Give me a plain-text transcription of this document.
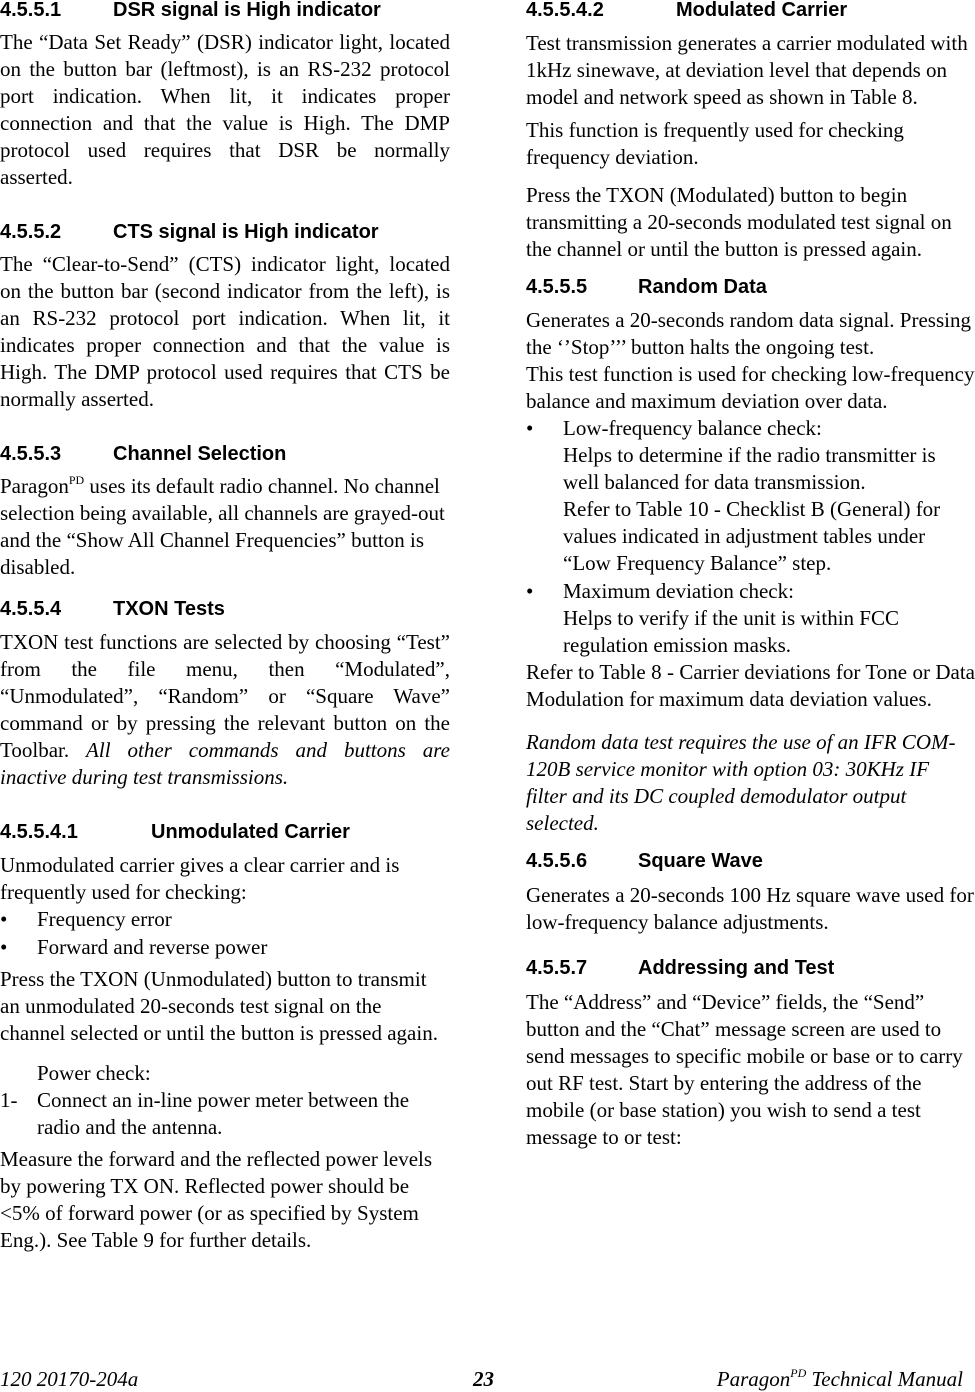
4.5.5.1	DSR signal is High indicator

The “Data Set Ready” (DSR) indicator light, located on the button bar (leftmost), is an RS-232 protocol port indication. When lit, it indicates proper connection and that the value is High. The DMP protocol used requires that DSR be normally asserted.

4.5.5.2	CTS signal is High indicator

The “Clear-to-Send” (CTS) indicator light, located on the button bar (second indicator from the left), is an RS-232 protocol port indication. When lit, it indicates proper connection and that the value is High. The DMP protocol used requires that CTS be normally asserted.

4.5.5.3	Channel Selection

Paragon$^{PD}$ uses its default radio channel. No channel selection being available, all channels are grayed-out and the “Show All Channel Frequencies” button is disabled.

4.5.5.4	TXON Tests

TXON test functions are selected by choosing “Test” from the file menu, then “Modulated”, “Unmodulated”, “Random” or “Square Wave” command or by pressing the relevant button on the Toolbar. All other commands and buttons are inactive during test transmissions.

4.5.5.4.1	Unmodulated Carrier

Unmodulated carrier gives a clear carrier and is frequently used for checking:

• Frequency error
• Forward and reverse power

Press the TXON (Unmodulated) button to transmit an unmodulated 20-seconds test signal on the channel selected or until the button is pressed again.

Power check:
1- Connect an in-line power meter between the radio and the antenna.

Measure the forward and the reflected power levels by powering TX ON. Reflected power should be <5% of forward power (or as specified by System Eng.). See Table 9 for further details.

4.5.5.4.2	Modulated Carrier

Test transmission generates a carrier modulated with 1kHz sinewave, at deviation level that depends on model and network speed as shown in Table 8.

This function is frequently used for checking frequency deviation.

Press the TXON (Modulated) button to begin transmitting a 20-seconds modulated test signal on the channel or until the button is pressed again.

4.5.5.5	Random Data

Generates a 20-seconds random data signal. Pressing the ‘’Stop’’’ button halts the ongoing test.

This test function is used for checking low-frequency balance and maximum deviation over data.

• Low-frequency balance check:
Helps to determine if the radio transmitter is well balanced for data transmission.
Refer to Table 10 - Checklist B (General) for values indicated in adjustment tables under “Low Frequency Balance” step.
• Maximum deviation check:
Helps to verify if the unit is within FCC regulation emission masks.

Refer to Table 8 - Carrier deviations for Tone or Data Modulation for maximum data deviation values.

Random data test requires the use of an IFR COM-120B service monitor with option 03: 30KHz IF filter and its DC coupled demodulator output selected.

4.5.5.6	Square Wave

Generates a 20-seconds 100 Hz square wave used for low-frequency balance adjustments.

4.5.5.7	Addressing and Test

The “Address” and “Device” fields, the “Send” button and the “Chat” message screen are used to send messages to specific mobile or base or to carry out RF test. Start by entering the address of the mobile (or base station) you wish to send a test message to or test:

120 20170-204a	23	Paragon$^{PD}$ Technical Manual
